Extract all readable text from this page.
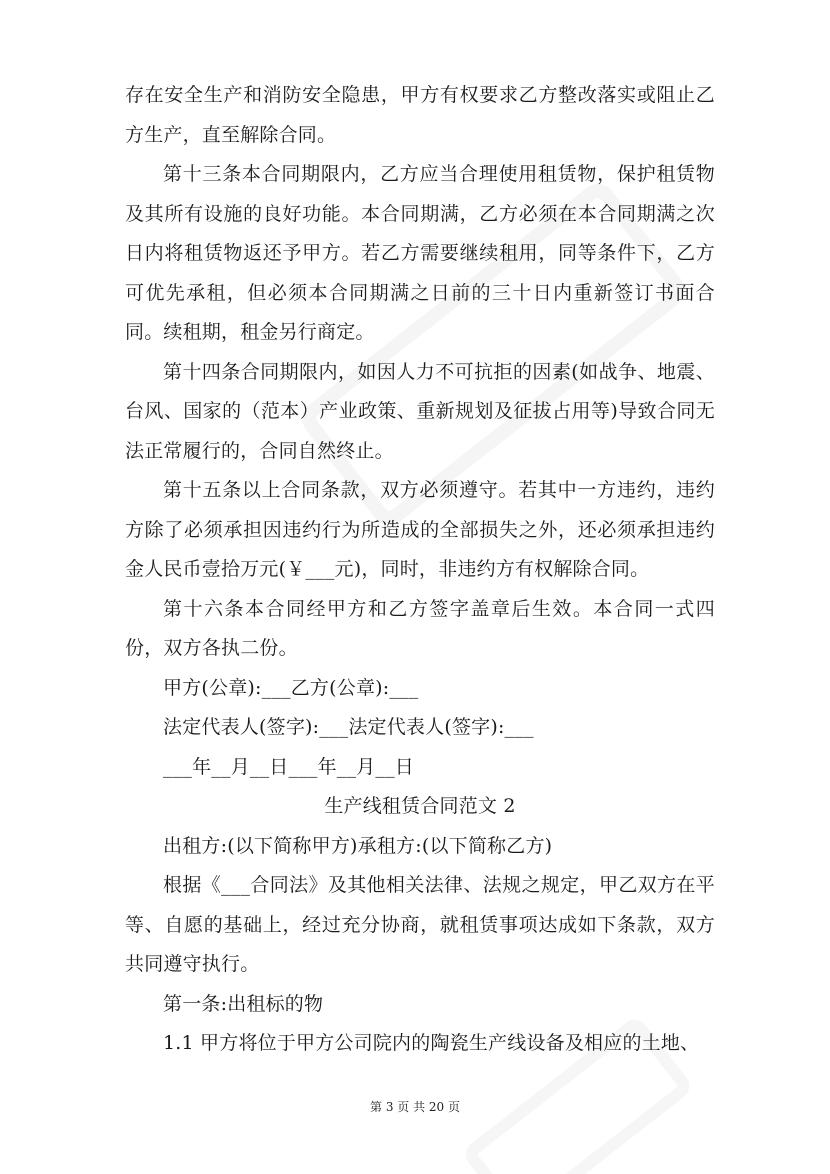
存在安全生产和消防安全隐患，甲方有权要求乙方整改落实或阻止乙方生产，直至解除合同。

第十三条本合同期限内，乙方应当合理使用租赁物，保护租赁物及其所有设施的良好功能。本合同期满，乙方必须在本合同期满之次日内将租赁物返还予甲方。若乙方需要继续租用，同等条件下，乙方可优先承租，但必须本合同期满之日前的三十日内重新签订书面合同。续租期，租金另行商定。

第十四条合同期限内，如因人力不可抗拒的因素(如战争、地震、台风、国家的（范本）产业政策、重新规划及征拔占用等)导致合同无法正常履行的，合同自然终止。

第十五条以上合同条款，双方必须遵守。若其中一方违约，违约方除了必须承担因违约行为所造成的全部损失之外，还必须承担违约金人民币壹拾万元(￥___元)，同时，非违约方有权解除合同。

第十六条本合同经甲方和乙方签字盖章后生效。本合同一式四份，双方各执二份。

甲方(公章):___乙方(公章):___

法定代表人(签字):___法定代表人(签字):___

___年__月__日___年__月__日

生产线租赁合同范文 2

出租方:(以下简称甲方)承租方:(以下简称乙方)

根据《___合同法》及其他相关法律、法规之规定，甲乙双方在平等、自愿的基础上，经过充分协商，就租赁事项达成如下条款，双方共同遵守执行。

第一条:出租标的物

1.1 甲方将位于甲方公司院内的陶瓷生产线设备及相应的土地、

第 3 页 共 20 页
